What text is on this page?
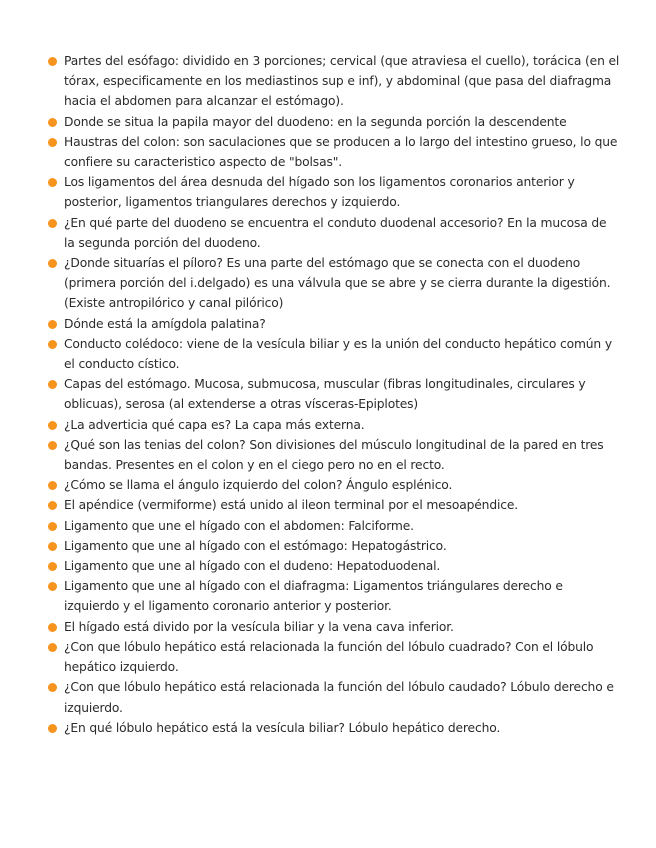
Partes del esófago: dividido en 3 porciones; cervical (que atraviesa el cuello), torácica (en el tórax, especificamente en los mediastinos sup e inf), y abdominal (que pasa del diafragma hacia el abdomen para alcanzar el estómago).
Donde se situa la papila mayor del duodeno: en la segunda porción la descendente
Haustras del colon: son saculaciones que se producen a lo largo del intestino grueso, lo que confiere su caracteristico aspecto de "bolsas".
Los ligamentos del área desnuda del hígado son los ligamentos coronarios anterior y posterior, ligamentos triangulares derechos y izquierdo.
¿En qué parte del duodeno se encuentra el conduto duodenal accesorio? En la mucosa de la segunda porción del duodeno.
¿Donde situarías el píloro? Es una parte del estómago que se conecta con el duodeno (primera porción del i.delgado) es una válvula que se abre y se cierra durante la digestión. (Existe antropilórico y canal pilórico)
Dónde está la amígdola palatina?
Conducto colédoco: viene de la vesícula biliar y es la unión del conducto hepático común y el conducto cístico.
Capas del estómago. Mucosa, submucosa, muscular (fibras longitudinales, circulares y oblicuas), serosa (al extenderse a otras vísceras-Epiplotes)
¿La adverticia qué capa es? La capa más externa.
¿Qué son las tenias del colon? Son divisiones del músculo longitudinal de la pared en tres bandas. Presentes en el colon y en el ciego pero no en el recto.
¿Cómo se llama el ángulo izquierdo del colon? Ángulo esplénico.
El apéndice (vermiforme) está unido al ileon terminal por el mesoapéndice.
Ligamento que une el hígado con el abdomen: Falciforme.
Ligamento que une al hígado con el estómago: Hepatogástrico.
Ligamento que une al hígado con el dudeno: Hepatoduodenal.
Ligamento que une al hígado con el diafragma: Ligamentos triángulares derecho e izquierdo y el ligamento coronario anterior y posterior.
El hígado está divido por la vesícula biliar y la vena cava inferior.
¿Con que lóbulo hepático está relacionada la función del lóbulo cuadrado? Con el lóbulo hepático izquierdo.
¿Con que lóbulo hepático está relacionada la función del lóbulo caudado? Lóbulo derecho e izquierdo.
¿En qué lóbulo hepático está la vesícula biliar? Lóbulo hepático derecho.
